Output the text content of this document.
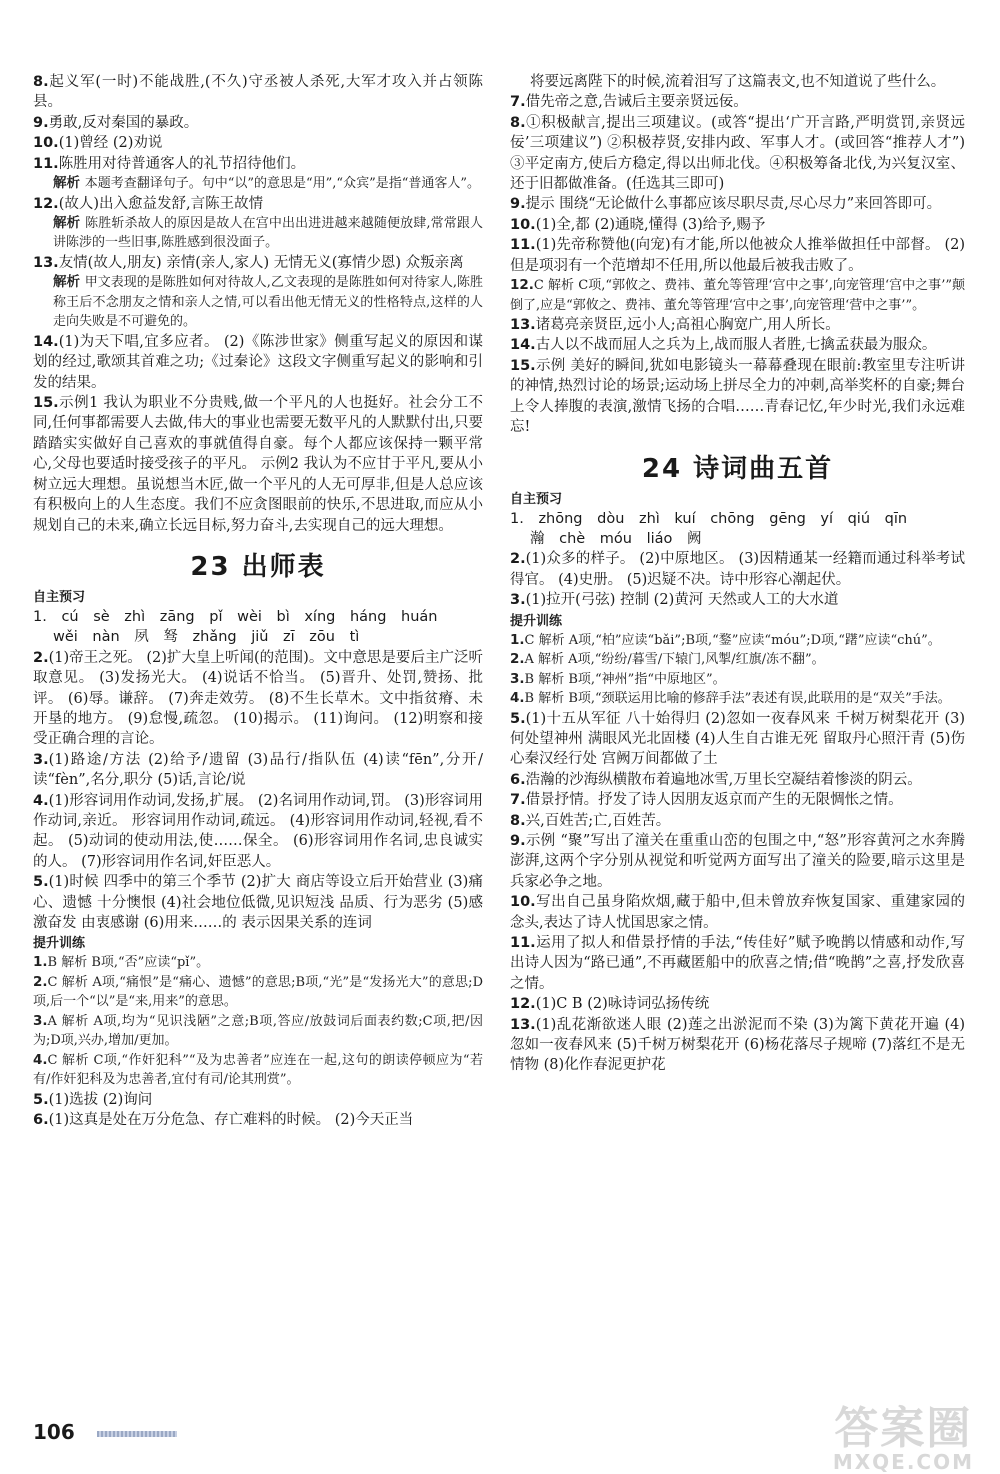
8.起义军(一时)不能战胜,(不久)守丞被人杀死,大军才攻入并占领陈县。

9.勇敢,反对秦国的暴政。

10.(1)曾经 (2)劝说

11.陈胜用对待普通客人的礼节招待他们。

解析 本题考查翻译句子。句中“以”的意思是“用”,“众宾”是指“普通客人”。

12.(故人)出入愈益发舒,言陈王故情

解析 陈胜斩杀故人的原因是故人在宫中出出进进越来越随便放肆,常常跟人讲陈涉的一些旧事,陈胜感到很没面子。

13.友情(故人,朋友) 亲情(亲人,家人) 无情无义(寡情少恩) 众叛亲离

解析 甲文表现的是陈胜如何对待故人,乙文表现的是陈胜如何对待家人,陈胜称王后不念朋友之情和亲人之情,可以看出他无情无义的性格特点,这样的人走向失败是不可避免的。

14.(1)为天下唱,宜多应者。 (2)《陈涉世家》侧重写起义的原因和谋划的经过,歌颂其首难之功;《过秦论》这段文字侧重写起义的影响和引发的结果。

15.示例1 我认为职业不分贵贱,做一个平凡的人也挺好。社会分工不同,任何事都需要人去做,伟大的事业也需要无数平凡的人默默付出,只要踏踏实实做好自己喜欢的事就值得自豪。每个人都应该保持一颗平常心,父母也要适时接受孩子的平凡。 示例2 我认为不应甘于平凡,要从小树立远大理想。虽说想当木匠,做一个平凡的人无可厚非,但是人总应该有积极向上的人生态度。我们不应贪图眼前的快乐,不思进取,而应从小规划自己的未来,确立长远目标,努力奋斗,去实现自己的远大理想。

23 出师表
自主预习

1. cú sè zhì zāng pǐ wèi bì xíng háng huán

wěi nàn 夙 驽 zhǎng jiǔ zī zōu tì

2.(1)帝王之死。 (2)扩大皇上听闻(的范围)。文中意思是要后主广泛听取意见。 (3)发扬光大。 (4)说话不恰当。 (5)晋升、处罚,赞扬、批评。 (6)辱。谦辞。 (7)奔走效劳。 (8)不生长草木。文中指贫瘠、未开垦的地方。 (9)怠慢,疏忽。 (10)揭示。 (11)询问。 (12)明察和接受正确合理的言论。

3.(1)路途/方法 (2)给予/遗留 (3)品行/指队伍 (4)读“fēn”,分开/读“fèn”,名分,职分 (5)话,言论/说

4.(1)形容词用作动词,发扬,扩展。 (2)名词用作动词,罚。 (3)形容词用作动词,亲近。 形容词用作动词,疏远。 (4)形容词用作动词,轻视,看不起。 (5)动词的使动用法,使……保全。 (6)形容词用作名词,忠良诚实的人。 (7)形容词用作名词,奸臣恶人。

5.(1)时候 四季中的第三个季节 (2)扩大 商店等设立后开始营业 (3)痛心、遗憾 十分懊恨 (4)社会地位低微,见识短浅 品质、行为恶劣 (5)感激奋发 由衷感谢 (6)用来……的 表示因果关系的连词

提升训练

1.B 解析 B项,“否”应读“pǐ”。

2.C 解析 A项,“痛恨”是“痛心、遗憾”的意思;B项,“光”是“发扬光大”的意思;D项,后一个“以”是“来,用来”的意思。

3.A 解析 A项,均为“见识浅陋”之意;B项,答应/放鼓词后面表约数;C项,把/因为;D项,兴办,增加/更加。

4.C 解析 C项,“作奸犯科”“及为忠善者”应连在一起,这句的朗读停顿应为“若有/作奸犯科及为忠善者,宜付有司/论其刑赏”。

5.(1)选拔 (2)询问

6.(1)这真是处在万分危急、存亡难料的时候。 (2)今天正当

将要远离陛下的时候,流着泪写了这篇表文,也不知道说了些什么。

7.借先帝之意,告诫后主要亲贤远佞。

8.①积极献言,提出三项建议。(或答“提出‘广开言路,严明赏罚,亲贤远佞’三项建议”) ②积极荐贤,安排内政、军事人才。(或回答“推荐人才”) ③平定南方,使后方稳定,得以出师北伐。④积极筹备北伐,为兴复汉室、还于旧都做准备。(任选其三即可)

9.提示 围绕“无论做什么事都应该尽职尽责,尽心尽力”来回答即可。

10.(1)全,都 (2)通晓,懂得 (3)给予,赐予

11.(1)先帝称赞他(向宠)有才能,所以他被众人推举做担任中部督。 (2)但是项羽有一个范增却不任用,所以他最后被我击败了。

12.C 解析 C项,“郭攸之、费祎、董允等管理‘宫中之事’,向宠管理‘宫中之事’”颠倒了,应是“郭攸之、费祎、董允等管理‘宫中之事’,向宠管理‘营中之事’”。

13.诸葛亮亲贤臣,远小人;高祖心胸宽广,用人所长。

14.古人以不战而屈人之兵为上,战而服人者胜,七擒孟获最为服众。

15.示例 美好的瞬间,犹如电影镜头一幕幕叠现在眼前:教室里专注听讲的神情,热烈讨论的场景;运动场上拼尽全力的冲刺,高举奖杯的自豪;舞台上令人捧腹的表演,激情飞扬的合唱……青春记忆,年少时光,我们永远难忘!

24 诗词曲五首
自主预习

1. zhōng dòu zhì kuí chōng gēng yí qiú qīn

瀚 chè móu liáo 阙

2.(1)众多的样子。 (2)中原地区。 (3)因精通某一经籍而通过科举考试得官。 (4)史册。 (5)迟疑不决。诗中形容心潮起伏。

3.(1)拉开(弓弦) 控制 (2)黄河 天然或人工的大水道

提升训练

1.C 解析 A项,“柏”应读“bǎi”;B项,“鍪”应读“móu”;D项,“躇”应读“chú”。

2.A 解析 A项,“纷纷/暮雪/下辕门,风掣/红旗/冻不翻”。

3.B 解析 B项,“神州”指“中原地区”。

4.B 解析 B项,“颈联运用比喻的修辞手法”表述有误,此联用的是“双关”手法。

5.(1)十五从军征 八十始得归 (2)忽如一夜春风来 千树万树梨花开 (3)何处望神州 满眼风光北固楼 (4)人生自古谁无死 留取丹心照汗青 (5)伤心秦汉经行处 宫阙万间都做了土

6.浩瀚的沙海纵横散布着遍地冰雪,万里长空凝结着惨淡的阴云。

7.借景抒情。抒发了诗人因朋友返京而产生的无限惆怅之情。

8.兴,百姓苦;亡,百姓苦。

9.示例 “聚”写出了潼关在重重山峦的包围之中,“怒”形容黄河之水奔腾澎湃,这两个字分别从视觉和听觉两方面写出了潼关的险要,暗示这里是兵家必争之地。

10.写出自己虽身陷炊烟,藏于船中,但未曾放弃恢复国家、重建家园的念头,表达了诗人忧国思家之情。

11.运用了拟人和借景抒情的手法,“传佳好”赋予晚鹊以情感和动作,写出诗人因为“路已通”,不再藏匿船中的欣喜之情;借“晚鹊”之喜,抒发欣喜之情。

12.(1)C B (2)咏诗词弘扬传统

13.(1)乱花渐欲迷人眼 (2)莲之出淤泥而不染 (3)为篱下黄花开遍 (4)忽如一夜春风来 (5)千树万树梨花开 (6)杨花落尽子规啼 (7)落红不是无情物 (8)化作春泥更护花

106	答案圈
MXQE.COM
